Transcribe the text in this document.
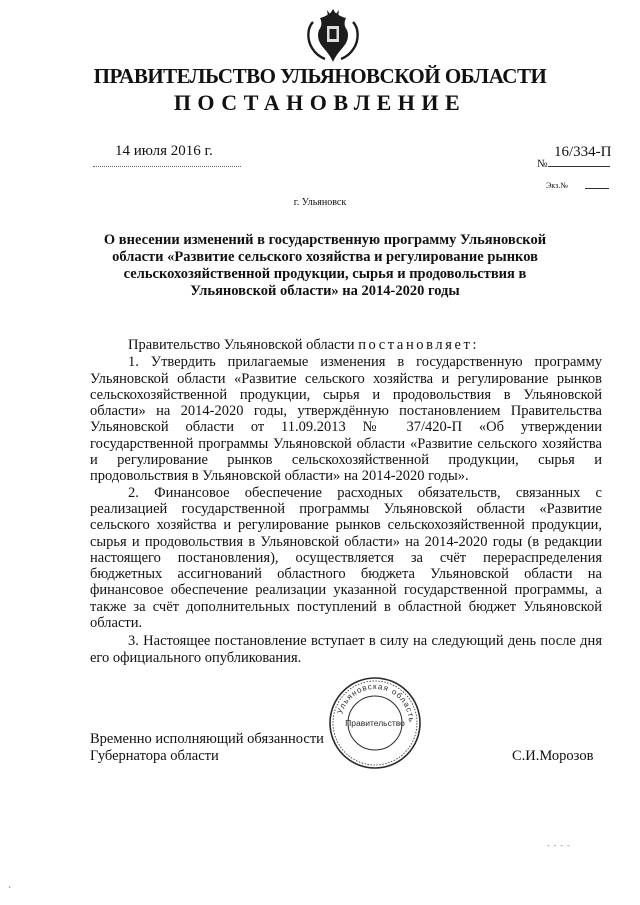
ПРАВИТЕЛЬСТВО УЛЬЯНОВСКОЙ ОБЛАСТИ
ПОСТАНОВЛЕНИЕ
14 июля 2016 г.
№
16/334-П
Экз.№
г. Ульяновск
О внесении изменений в государственную программу Ульяновской области «Развитие сельского хозяйства и регулирование рынков сельскохозяйственной продукции, сырья и продовольствия в Ульяновской области» на 2014-2020 годы

Правительство Ульяновской области постановляет:

1. Утвердить прилагаемые изменения в государственную программу Ульяновской области «Развитие сельского хозяйства и регулирование рынков сельскохозяйственной продукции, сырья и продовольствия в Ульяновской области» на 2014-2020 годы, утверждённую постановлением Правительства Ульяновской области от 11.09.2013 № 37/420-П «Об утверждении государственной программы Ульяновской области «Развитие сельского хозяйства и регулирование рынков сельскохозяйственной продукции, сырья и продовольствия в Ульяновской области» на 2014-2020 годы».

2. Финансовое обеспечение расходных обязательств, связанных с реализацией государственной программы Ульяновской области «Развитие сельского хозяйства и регулирование рынков сельскохозяйственной продукции, сырья и продовольствия в Ульяновской области» на 2014-2020 годы (в редакции настоящего постановления), осуществляется за счёт перераспределения бюджетных ассигнований областного бюджета Ульяновской области на финансовое обеспечение реализации указанной государственной программы, а также за счёт дополнительных поступлений в областной бюджет Ульяновской области.

3. Настоящее постановление вступает в силу на следующий день после дня его официального опубликования.

Ульяновская область
Правительство
Временно исполняющий обязанности
Губернатора области	С.И.Морозов
- - - -
`
